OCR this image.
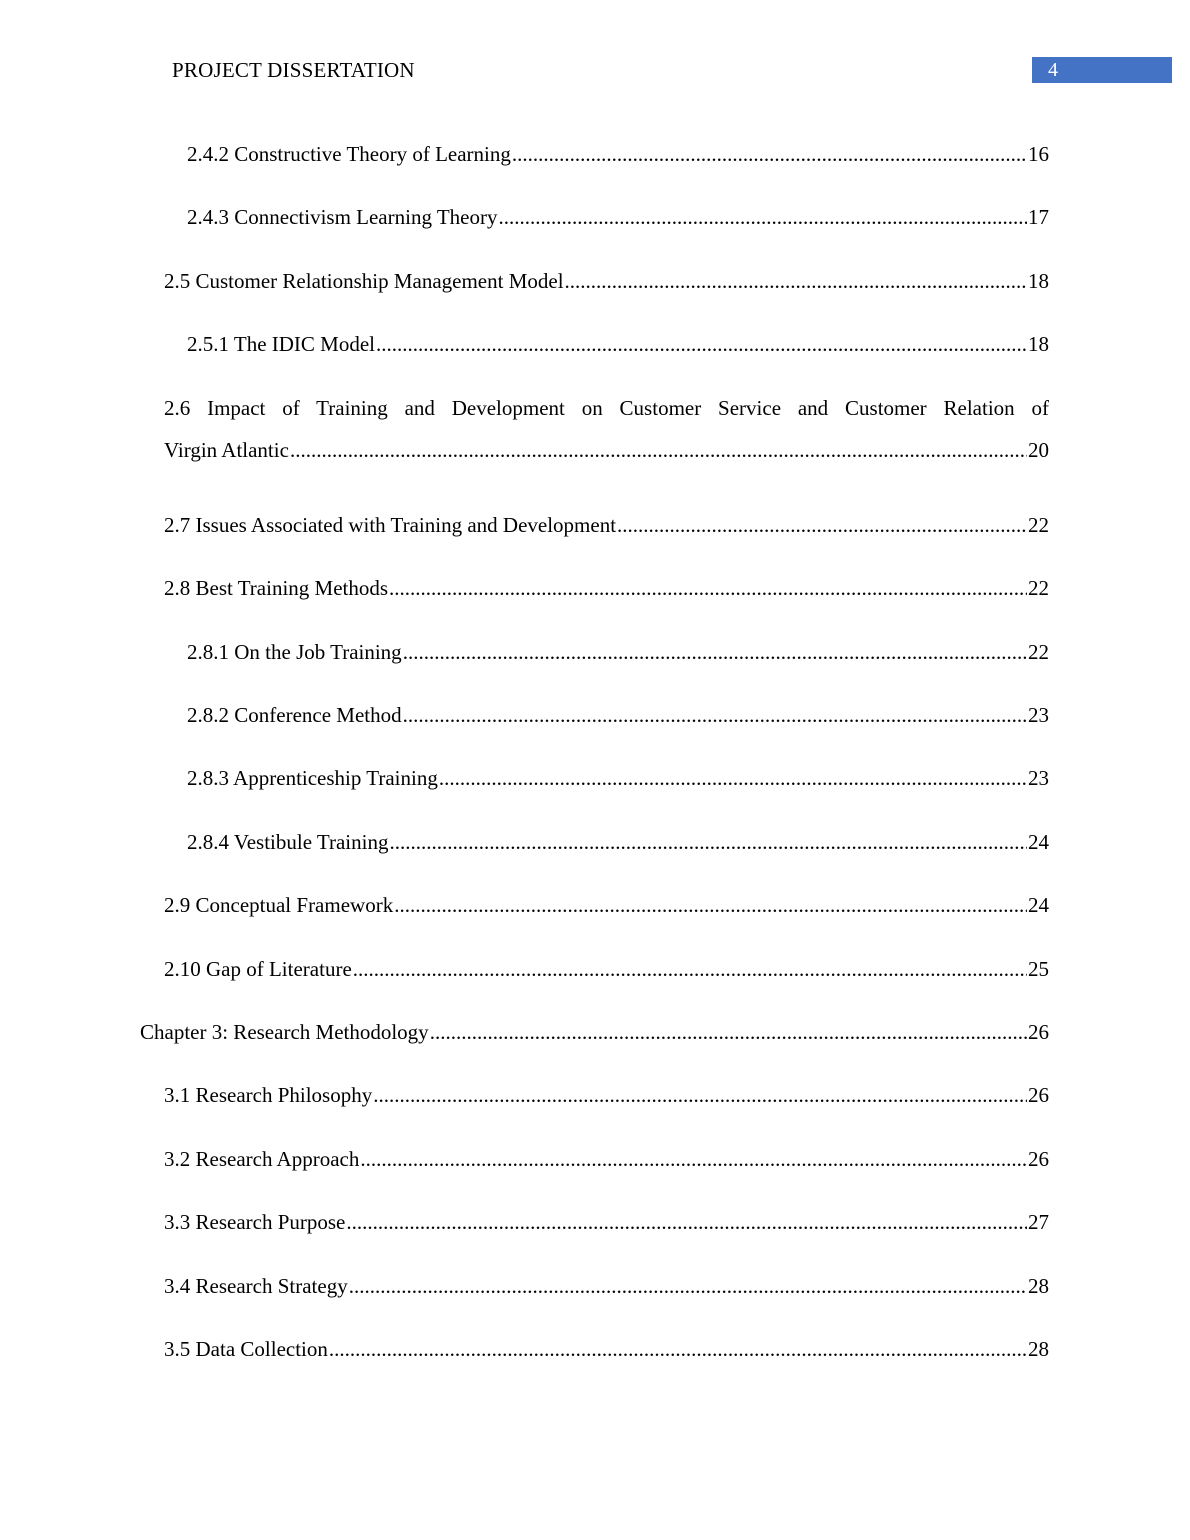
PROJECT DISSERTATION	4
2.4.2 Constructive Theory of Learning .....	16
2.4.3 Connectivism Learning Theory .....	17
2.5 Customer Relationship Management Model .....	18
2.5.1 The IDIC Model .....	18
2.6 Impact of Training and Development on Customer Service and Customer Relation of
Virgin Atlantic .....	20
2.7 Issues Associated with Training and Development .....	22
2.8 Best Training Methods .....	22
2.8.1 On the Job Training .....	22
2.8.2 Conference Method .....	23
2.8.3 Apprenticeship Training .....	23
2.8.4 Vestibule Training .....	24
2.9 Conceptual Framework .....	24
2.10 Gap of Literature .....	25
Chapter 3: Research Methodology .....	26
3.1 Research Philosophy .....	26
3.2 Research Approach .....	26
3.3 Research Purpose .....	27
3.4 Research Strategy .....	28
3.5 Data Collection .....	28
